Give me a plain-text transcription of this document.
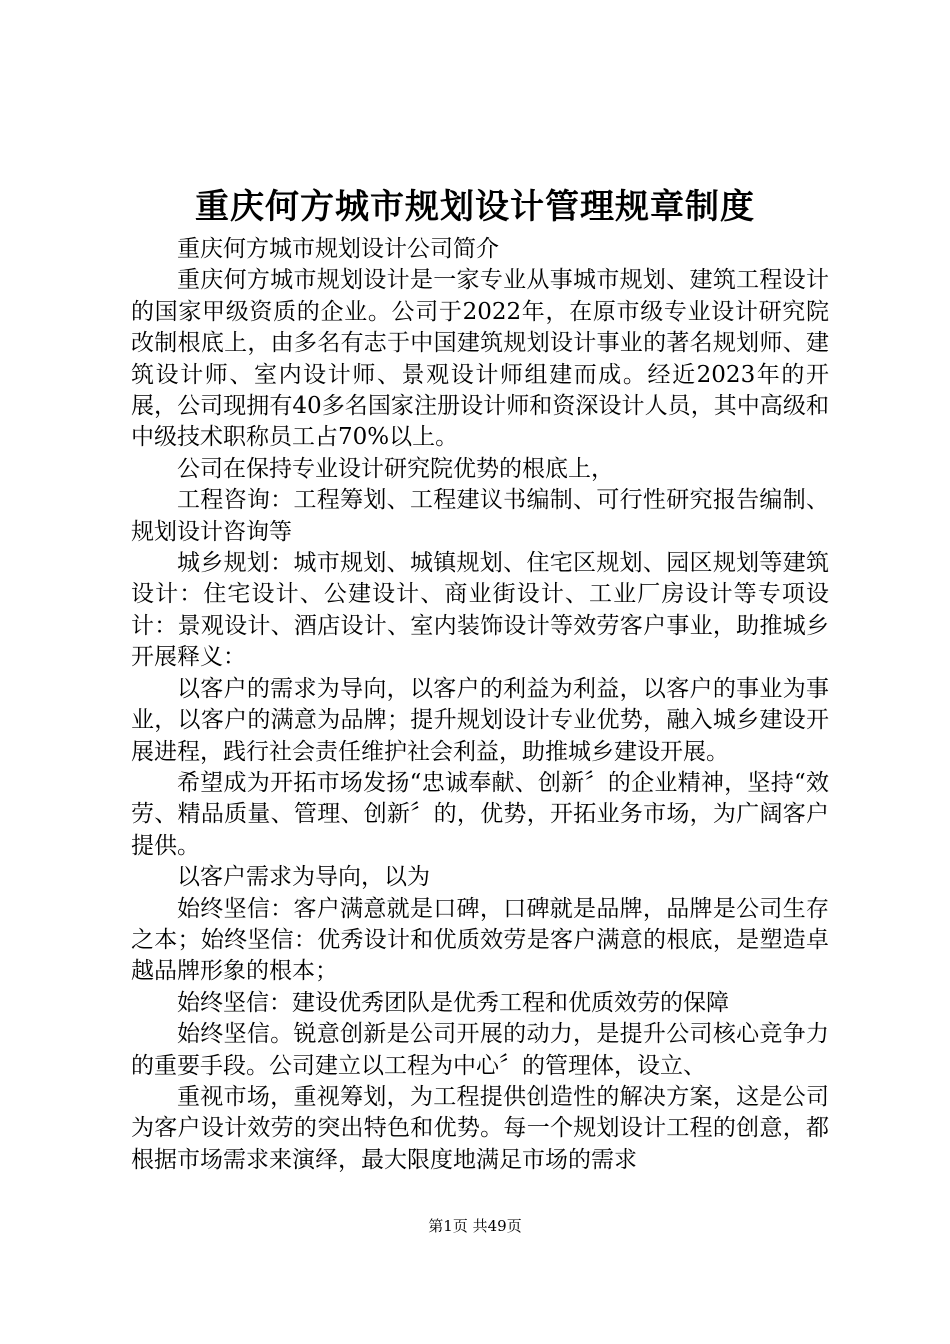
重庆何方城市规划设计管理规章制度

重庆何方城市规划设计公司简介

重庆何方城市规划设计是一家专业从事城市规划、建筑工程设计的国家甲级资质的企业。公司于2022年，在原市级专业设计研究院改制根底上，由多名有志于中国建筑规划设计事业的著名规划师、建筑设计师、室内设计师、景观设计师组建而成。经近2023年的开展，公司现拥有40多名国家注册设计师和资深设计人员，其中高级和中级技术职称员工占70%以上。

公司在保持专业设计研究院优势的根底上，

工程咨询：工程筹划、工程建议书编制、可行性研究报告编制、规划设计咨询等

城乡规划：城市规划、城镇规划、住宅区规划、园区规划等建筑设计：住宅设计、公建设计、商业街设计、工业厂房设计等专项设计：景观设计、酒店设计、室内装饰设计等效劳客户事业，助推城乡开展释义：

以客户的需求为导向，以客户的利益为利益，以客户的事业为事业，以客户的满意为品牌；提升规划设计专业优势，融入城乡建设开展进程，践行社会责任维护社会利益，助推城乡建设开展。

希望成为开拓市场发扬“忠诚奉献、创新〞的企业精神，坚持“效劳、精品质量、管理、创新〞的，优势，开拓业务市场，为广阔客户提供。

以客户需求为导向，以为

始终坚信：客户满意就是口碑，口碑就是品牌，品牌是公司生存之本；始终坚信：优秀设计和优质效劳是客户满意的根底，是塑造卓越品牌形象的根本；

始终坚信：建设优秀团队是优秀工程和优质效劳的保障

始终坚信。锐意创新是公司开展的动力，是提升公司核心竞争力的重要手段。公司建立以工程为中心〞的管理体，设立、

重视市场，重视筹划，为工程提供创造性的解决方案，这是公司为客户设计效劳的突出特色和优势。每一个规划设计工程的创意，都根据市场需求来演绎，最大限度地满足市场的需求

第1页 共49页
